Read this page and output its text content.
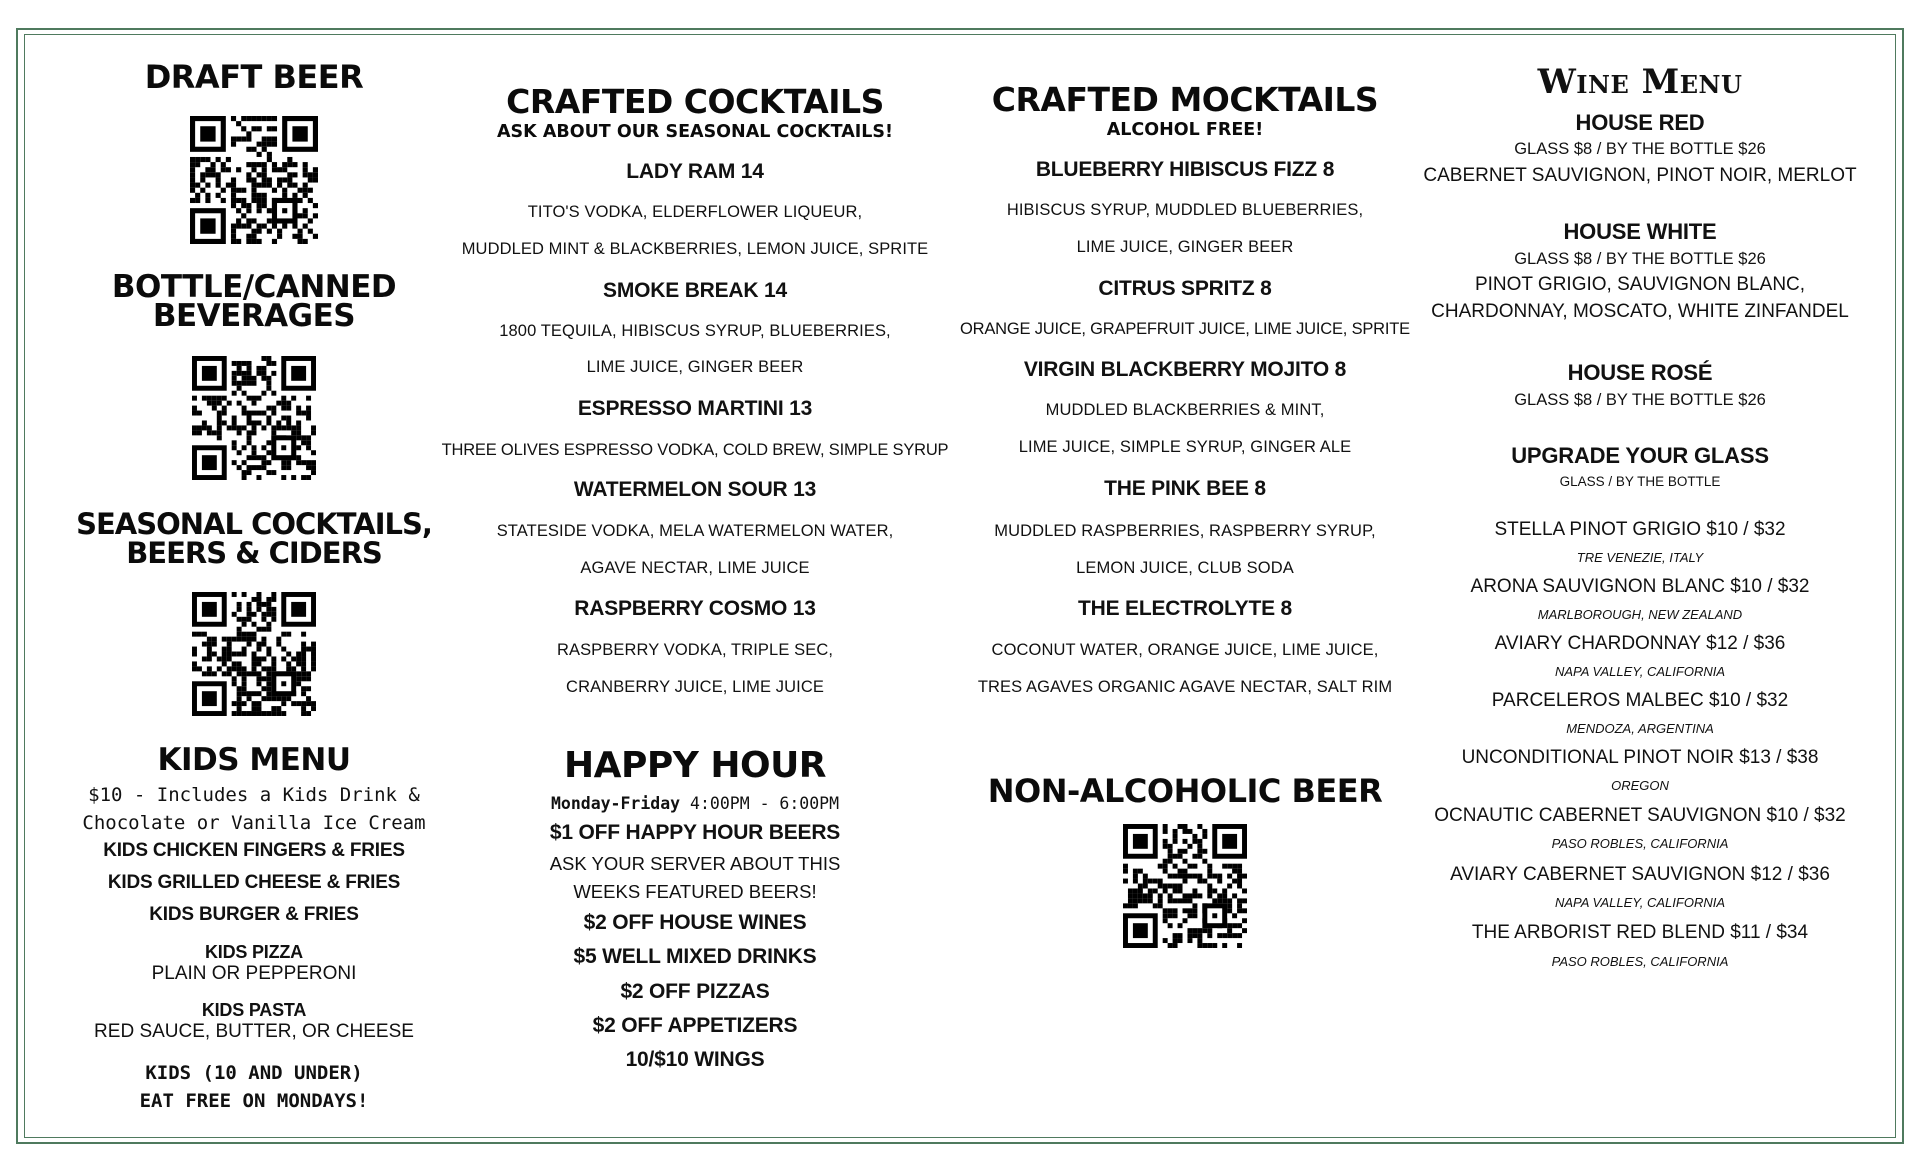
DRAFT BEER
BOTTLE/CANNED
BEVERAGES
SEASONAL COCKTAILS,
BEERS & CIDERS
KIDS MENU
$10 - Includes a Kids Drink &
Chocolate or Vanilla Ice Cream
KIDS CHICKEN FINGERS & FRIES
KIDS GRILLED CHEESE & FRIES
KIDS BURGER & FRIES
KIDS PIZZA
PLAIN OR PEPPERONI
KIDS PASTA
RED SAUCE, BUTTER, OR CHEESE
KIDS (10 AND UNDER)
EAT FREE ON MONDAYS!
CRAFTED COCKTAILS
ASK ABOUT OUR SEASONAL COCKTAILS!
LADY RAM 14
TITO'S VODKA, ELDERFLOWER LIQUEUR,
MUDDLED MINT & BLACKBERRIES, LEMON JUICE, SPRITE
SMOKE BREAK 14
1800 TEQUILA, HIBISCUS SYRUP, BLUEBERRIES,
LIME JUICE, GINGER BEER
ESPRESSO MARTINI 13
THREE OLIVES ESPRESSO VODKA, COLD BREW, SIMPLE SYRUP
WATERMELON SOUR 13
STATESIDE VODKA, MELA WATERMELON WATER,
AGAVE NECTAR, LIME JUICE
RASPBERRY COSMO 13
RASPBERRY VODKA, TRIPLE SEC,
CRANBERRY JUICE, LIME JUICE
HAPPY HOUR
Monday-Friday 4:00PM - 6:00PM
$1 OFF HAPPY HOUR BEERS
ASK YOUR SERVER ABOUT THIS
WEEKS FEATURED BEERS!
$2 OFF HOUSE WINES
$5 WELL MIXED DRINKS
$2 OFF PIZZAS
$2 OFF APPETIZERS
10/$10 WINGS
CRAFTED MOCKTAILS
ALCOHOL FREE!
BLUEBERRY HIBISCUS FIZZ 8
HIBISCUS SYRUP, MUDDLED BLUEBERRIES,
LIME JUICE, GINGER BEER
CITRUS SPRITZ 8
ORANGE JUICE, GRAPEFRUIT JUICE, LIME JUICE, SPRITE
VIRGIN BLACKBERRY MOJITO 8
MUDDLED BLACKBERRIES & MINT,
LIME JUICE, SIMPLE SYRUP, GINGER ALE
THE PINK BEE 8
MUDDLED RASPBERRIES, RASPBERRY SYRUP,
LEMON JUICE, CLUB SODA
THE ELECTROLYTE 8
COCONUT WATER, ORANGE JUICE, LIME JUICE,
TRES AGAVES ORGANIC AGAVE NECTAR, SALT RIM
NON-ALCOHOLIC BEER
Wine Menu
HOUSE RED
GLASS $8 / BY THE BOTTLE $26
CABERNET SAUVIGNON, PINOT NOIR, MERLOT
HOUSE WHITE
GLASS $8 / BY THE BOTTLE $26
PINOT GRIGIO, SAUVIGNON BLANC,
CHARDONNAY, MOSCATO, WHITE ZINFANDEL
HOUSE ROSÉ
GLASS $8 / BY THE BOTTLE $26
UPGRADE YOUR GLASS
GLASS / BY THE BOTTLE
STELLA PINOT GRIGIO $10 / $32
TRE VENEZIE, ITALY
ARONA SAUVIGNON BLANC $10 / $32
MARLBOROUGH, NEW ZEALAND
AVIARY CHARDONNAY $12 / $36
NAPA VALLEY, CALIFORNIA
PARCELEROS MALBEC $10 / $32
MENDOZA, ARGENTINA
UNCONDITIONAL PINOT NOIR $13 / $38
OREGON
OCNAUTIC CABERNET SAUVIGNON $10 / $32
PASO ROBLES, CALIFORNIA
AVIARY CABERNET SAUVIGNON $12 / $36
NAPA VALLEY, CALIFORNIA
THE ARBORIST RED BLEND $11 / $34
PASO ROBLES, CALIFORNIA
